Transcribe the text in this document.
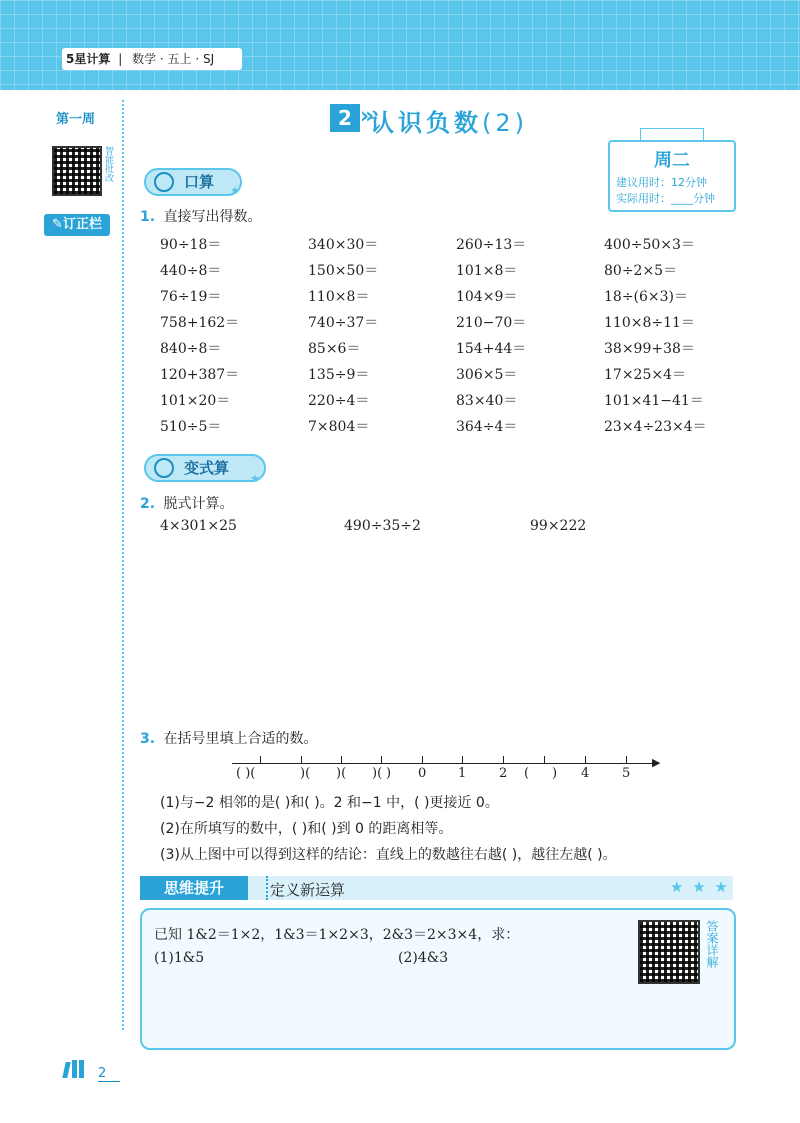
5星计算 | 数学 · 五上 · SJ
第一周
智能批改
✎订正栏
2 »
认识负数(2)
周二
建议用时：12分钟
实际用时：____分钟
口算	★
1. 直接写出得数。
90÷18＝	340×30＝	260÷13＝	400÷50×3＝
440÷8＝	150×50＝	101×8＝	80÷2×5＝
76÷19＝	110×8＝	104×9＝	18÷(6×3)＝
758+162＝	740÷37＝	210−70＝	110×8÷11＝
840÷8＝	85×6＝	154+44＝	38×99+38＝
120+387＝	135÷9＝	306×5＝	17×25×4＝
101×20＝	220÷4＝	83×40＝	101×41−41＝
510÷5＝	7×804＝	364÷4＝	23×4÷23×4＝
变式算
★
2. 脱式计算。
4×301×25	490÷35÷2	99×222
3. 在括号里填上合适的数。
▶
( )(	)( )( )( ) 0 1	2 ( ) 4	5
(1)与−2 相邻的是( )和( )。2 和−1 中，( )更接近 0。
(2)在所填写的数中，( )和( )到 0 的距离相等。
(3)从上图中可以得到这样的结论：直线上的数越往右越( )，越往左越( )。
思维提升	定义新运算	★ ★ ★
已知 1&2＝1×2，1&3＝1×2×3，2&3＝2×3×4，求：
(1)1&5	(2)4&3	答案详解
2
